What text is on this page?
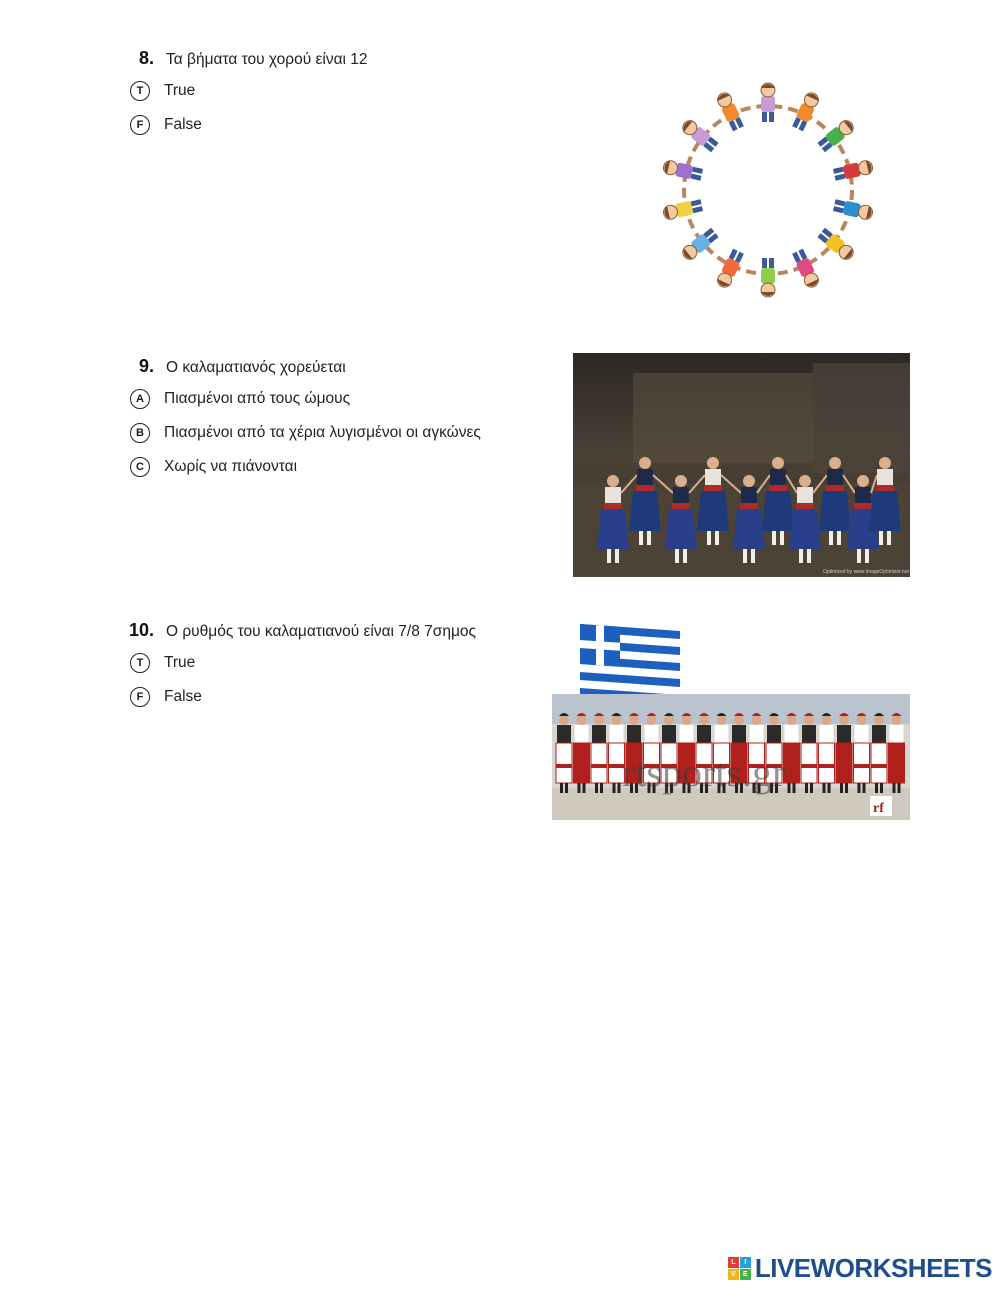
8. Τα βήματα του χορού είναι 12
T	True
F	False
9. Ο καλαματιανός χορεύεται
A	Πιασμένοι από τους ώμους
B	Πιασμένοι από τα χέρια λυγισμένοι οι αγκώνες
C	Χωρίς να πιάνονται
Optimized by www.ImageOptimizer.net
10. Ο ρυθμός του καλαματιανού είναι 7/8 7σημος
T	True
F	False
rtsports.gr
rf
L	I
V	E LIVEWORKSHEETS
